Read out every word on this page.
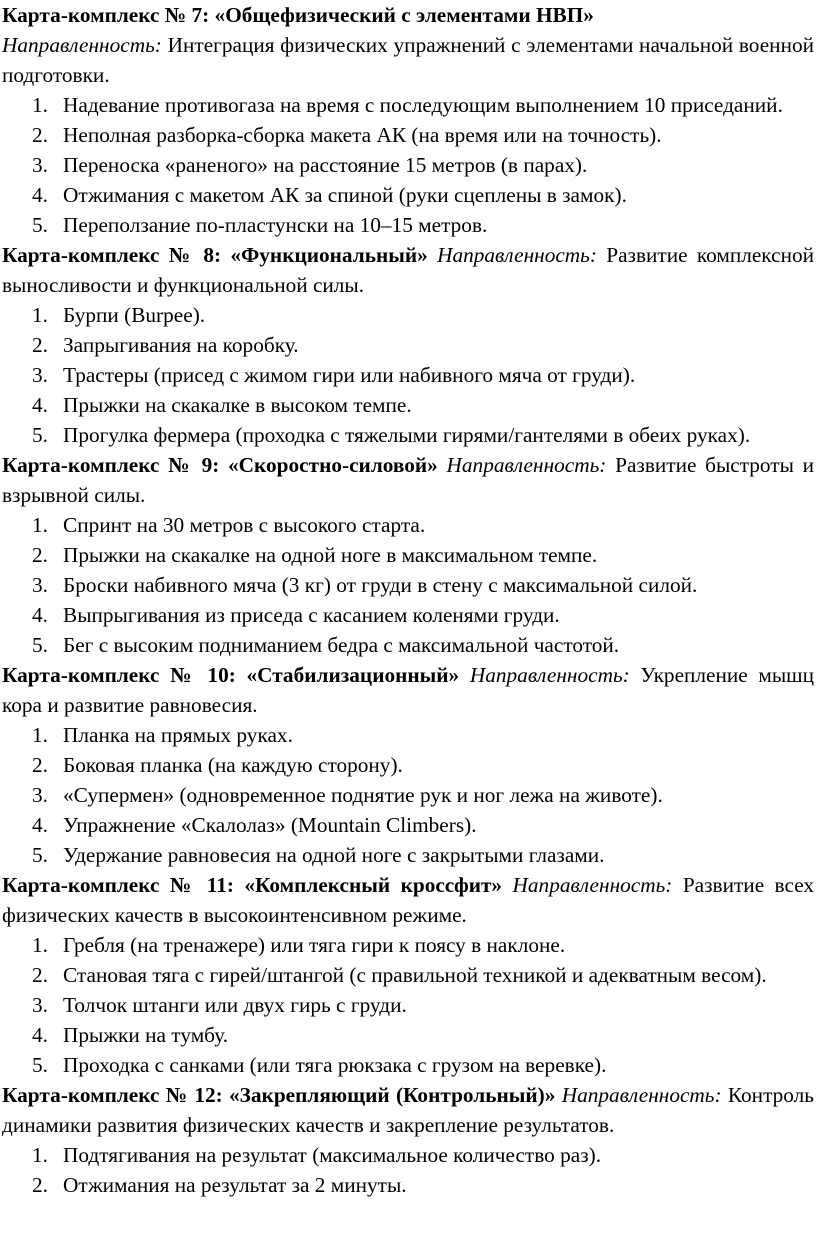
Карта-комплекс № 7: «Общефизический с элементами НВП»
Направленность: Интеграция физических упражнений с элементами начальной военной подготовки.

1. Надевание противогаза на время с последующим выполнением 10 приседаний.
2. Неполная разборка-сборка макета АК (на время или на точность).
3. Переноска «раненого» на расстояние 15 метров (в парах).
4. Отжимания с макетом АК за спиной (руки сцеплены в замок).
5. Переползание по-пластунски на 10–15 метров.

Карта-комплекс № 8: «Функциональный» Направленность: Развитие комплексной выносливости и функциональной силы.

1. Бурпи (Burpee).
2. Запрыгивания на коробку.
3. Трастеры (присед с жимом гири или набивного мяча от груди).
4. Прыжки на скакалке в высоком темпе.
5. Прогулка фермера (проходка с тяжелыми гирями/гантелями в обеих руках).

Карта-комплекс № 9: «Скоростно-силовой» Направленность: Развитие быстроты и взрывной силы.

1. Спринт на 30 метров с высокого старта.
2. Прыжки на скакалке на одной ноге в максимальном темпе.
3. Броски набивного мяча (3 кг) от груди в стену с максимальной силой.
4. Выпрыгивания из приседа с касанием коленями груди.
5. Бег с высоким подниманием бедра с максимальной частотой.

Карта-комплекс № 10: «Стабилизационный» Направленность: Укрепление мышц кора и развитие равновесия.

1. Планка на прямых руках.
2. Боковая планка (на каждую сторону).
3. «Супермен» (одновременное поднятие рук и ног лежа на животе).
4. Упражнение «Скалолаз» (Mountain Climbers).
5. Удержание равновесия на одной ноге с закрытыми глазами.

Карта-комплекс № 11: «Комплексный кроссфит» Направленность: Развитие всех физических качеств в высокоинтенсивном режиме.

1. Гребля (на тренажере) или тяга гири к поясу в наклоне.
2. Становая тяга с гирей/штангой (с правильной техникой и адекватным весом).
3. Толчок штанги или двух гирь с груди.
4. Прыжки на тумбу.
5. Проходка с санками (или тяга рюкзака с грузом на веревке).

Карта-комплекс № 12: «Закрепляющий (Контрольный)» Направленность: Контроль динамики развития физических качеств и закрепление результатов.

1. Подтягивания на результат (максимальное количество раз).
2. Отжимания на результат за 2 минуты.
